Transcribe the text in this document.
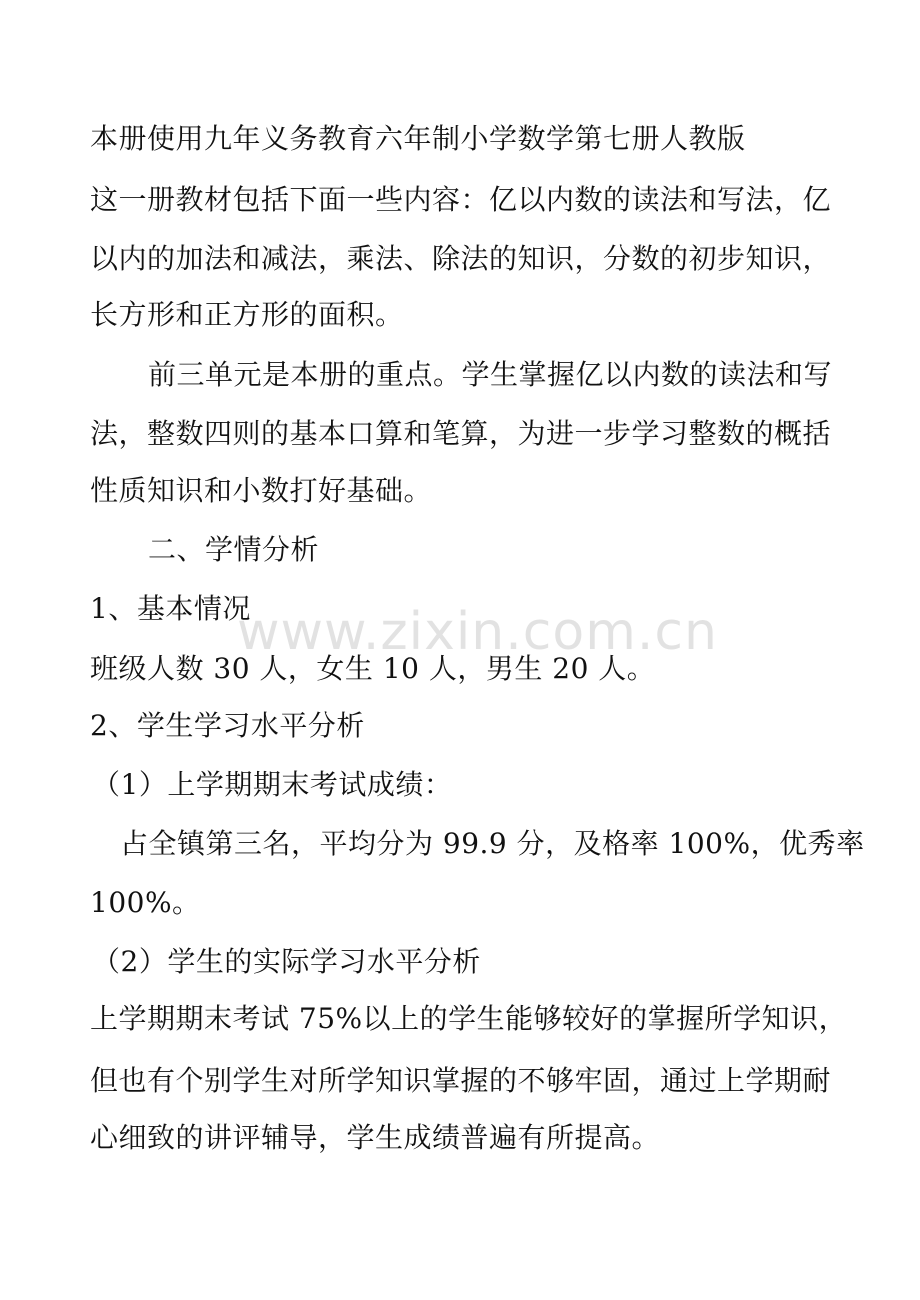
本册使用九年义务教育六年制小学数学第七册人教版
这一册教材包括下面一些内容：亿以内数的读法和写法，亿
以内的加法和减法，乘法、除法的知识，分数的初步知识，
长方形和正方形的面积。
前三单元是本册的重点。学生掌握亿以内数的读法和写
法，整数四则的基本口算和笔算，为进一步学习整数的概括
性质知识和小数打好基础。
二、学情分析
1、基本情况
班级人数 30 人，女生 10 人，男生 20 人。
2、学生学习水平分析
（1）上学期期末考试成绩：
占全镇第三名，平均分为 99.9 分，及格率 100%，优秀率
100%。
（2）学生的实际学习水平分析
上学期期末考试 75%以上的学生能够较好的掌握所学知识，
但也有个别学生对所学知识掌握的不够牢固，通过上学期耐
心细致的讲评辅导，学生成绩普遍有所提高。
www.zixin.com.cn
